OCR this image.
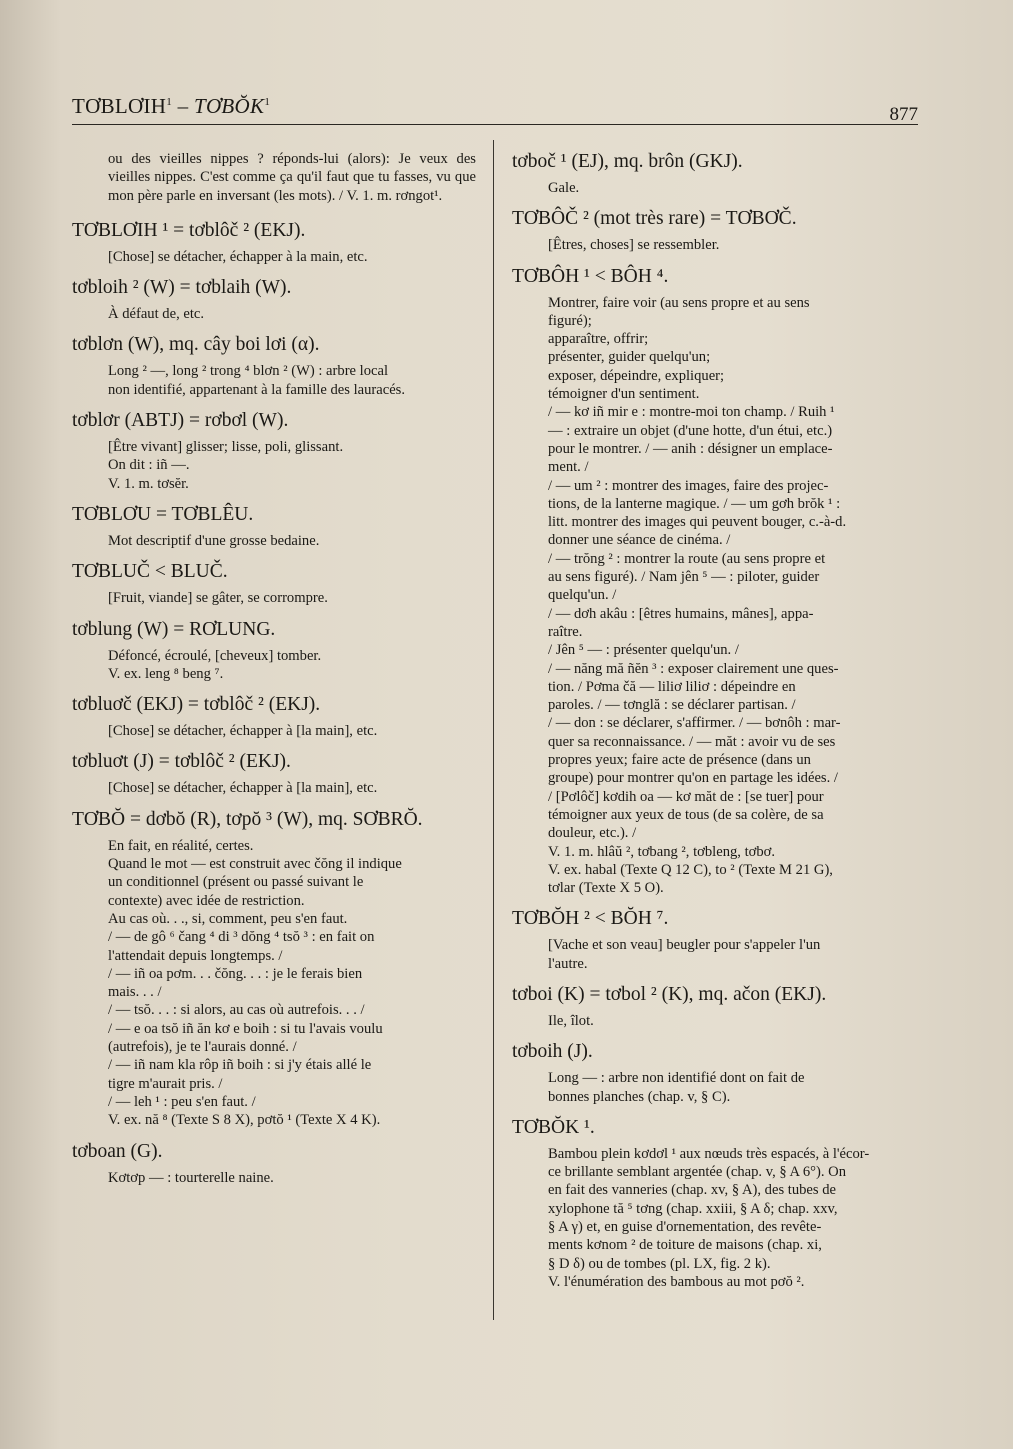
TƠBLƠIH$^1$ – TƠBŎK$^1$
877
ou des vieilles nippes ? réponds-lui (alors): Je veux des vieilles nippes. C'est comme ça qu'il faut que tu fasses, vu que mon père parle en inversant (les mots). / V. 1. m. rơngot¹.
TƠBLƠIH ¹ = tơblôč ² (EKJ).
[Chose] se détacher, échapper à la main, etc.
tơbloih ² (W) = tơblaih (W).
À défaut de, etc.
tơblơn (W), mq. cây boi lơi (α).
Long ² —, long ² trong ⁴ blơn ² (W) : arbre local
non identifié, appartenant à la famille des lauracés.
tơblơr (ABTJ) = rơbơl (W).
[Être vivant] glisser; lisse, poli, glissant.
On dit : iñ —.
V. 1. m. tơsĕr.
TƠBLƠU = TƠBLÊU.
Mot descriptif d'une grosse bedaine.
TƠBLUČ < BLUČ.
[Fruit, viande] se gâter, se corrompre.
tơblung (W) = RƠLUNG.
Défoncé, écroulé, [cheveux] tomber.
V. ex. leng ⁸ beng ⁷.
tơbluơč (EKJ) = tơblôč ² (EKJ).
[Chose] se détacher, échapper à [la main], etc.
tơbluơt (J) = tơblôč ² (EKJ).
[Chose] se détacher, échapper à [la main], etc.
TƠBŎ = dơbŏ (R), tơpŏ ³ (W), mq. SƠBRŎ.
En fait, en réalité, certes.
Quand le mot — est construit avec čŏng il indique
un conditionnel (présent ou passé suivant le
contexte) avec idée de restriction.
Au cas où. . ., si, comment, peu s'en faut.
/ — de gô ⁶ čang ⁴ di ³ dŏng ⁴ tsŏ ³ : en fait on
l'attendait depuis longtemps. /
/ — iñ oa pơm. . . čŏng. . . : je le ferais bien
mais. . . /
/ — tsŏ. . . : si alors, au cas où autrefois. . . /
/ — e oa tsŏ iñ ăn kơ e boih : si tu l'avais voulu
(autrefois), je te l'aurais donné. /
/ — iñ nam kla rôp iñ boih : si j'y étais allé le
tigre m'aurait pris. /
/ — leh ¹ : peu s'en faut. /
V. ex. nă ⁸ (Texte S 8 X), pơtŏ ¹ (Texte X 4 K).
tơboan (G).
Kơtơp — : tourterelle naine.
tơboč ¹ (EJ), mq. brôn (GKJ).
Gale.
TƠBÔČ ² (mot très rare) = TƠBƠČ.
[Êtres, choses] se ressembler.
TƠBÔH ¹ < BÔH ⁴.
Montrer, faire voir (au sens propre et au sens
figuré);
apparaître, offrir;
présenter, guider quelqu'un;
exposer, dépeindre, expliquer;
témoigner d'un sentiment.
/ — kơ iñ mir e : montre-moi ton champ. / Ruih ¹
— : extraire un objet (d'une hotte, d'un étui, etc.)
pour le montrer. / — anih : désigner un emplace-
ment. /
/ — um ² : montrer des images, faire des projec-
tions, de la lanterne magique. / — um gơh brŏk ¹ :
litt. montrer des images qui peuvent bouger, c.-à-d.
donner une séance de cinéma. /
/ — trŏng ² : montrer la route (au sens propre et
au sens figuré). / Nam jên ⁵ — : piloter, guider
quelqu'un. /
/ — dơh akâu : [êtres humains, mânes], appa-
raître.
/ Jên ⁵ — : présenter quelqu'un. /
/ — năng mă ñĕn ³ : exposer clairement une ques-
tion. / Pơma čă — liliơ liliơ : dépeindre en
paroles. / — tơnglă : se déclarer partisan. /
/ — don : se déclarer, s'affirmer. / — bơnôh : mar-
quer sa reconnaissance. / — măt : avoir vu de ses
propres yeux; faire acte de présence (dans un
groupe) pour montrer qu'on en partage les idées. /
/ [Pơlôč] kơdih oa — kơ măt de : [se tuer] pour
témoigner aux yeux de tous (de sa colère, de sa
douleur, etc.). /
V. 1. m. hlâŭ ², tơbang ², tơbleng, tơbơ.
V. ex. habal (Texte Q 12 C), to ² (Texte M 21 G),
tơlar (Texte X 5 O).
TƠBŎH ² < BŎH ⁷.
[Vache et son veau] beugler pour s'appeler l'un
l'autre.
tơboi (K) = tơbol ² (K), mq. ačon (EKJ).
Ile, îlot.
tơboih (J).
Long — : arbre non identifié dont on fait de
bonnes planches (chap. v, § C).
TƠBŎK ¹.
Bambou plein kơdơl ¹ aux nœuds très espacés, à l'écor-
ce brillante semblant argentée (chap. v, § A 6°). On
en fait des vanneries (chap. xv, § A), des tubes de
xylophone tă ⁵ tơng (chap. xxiii, § A δ; chap. xxv,
§ A γ) et, en guise d'ornementation, des revête-
ments kơnom ² de toiture de maisons (chap. xi,
§ D δ) ou de tombes (pl. LX, fig. 2 k).
V. l'énumération des bambous au mot pơŏ ².
